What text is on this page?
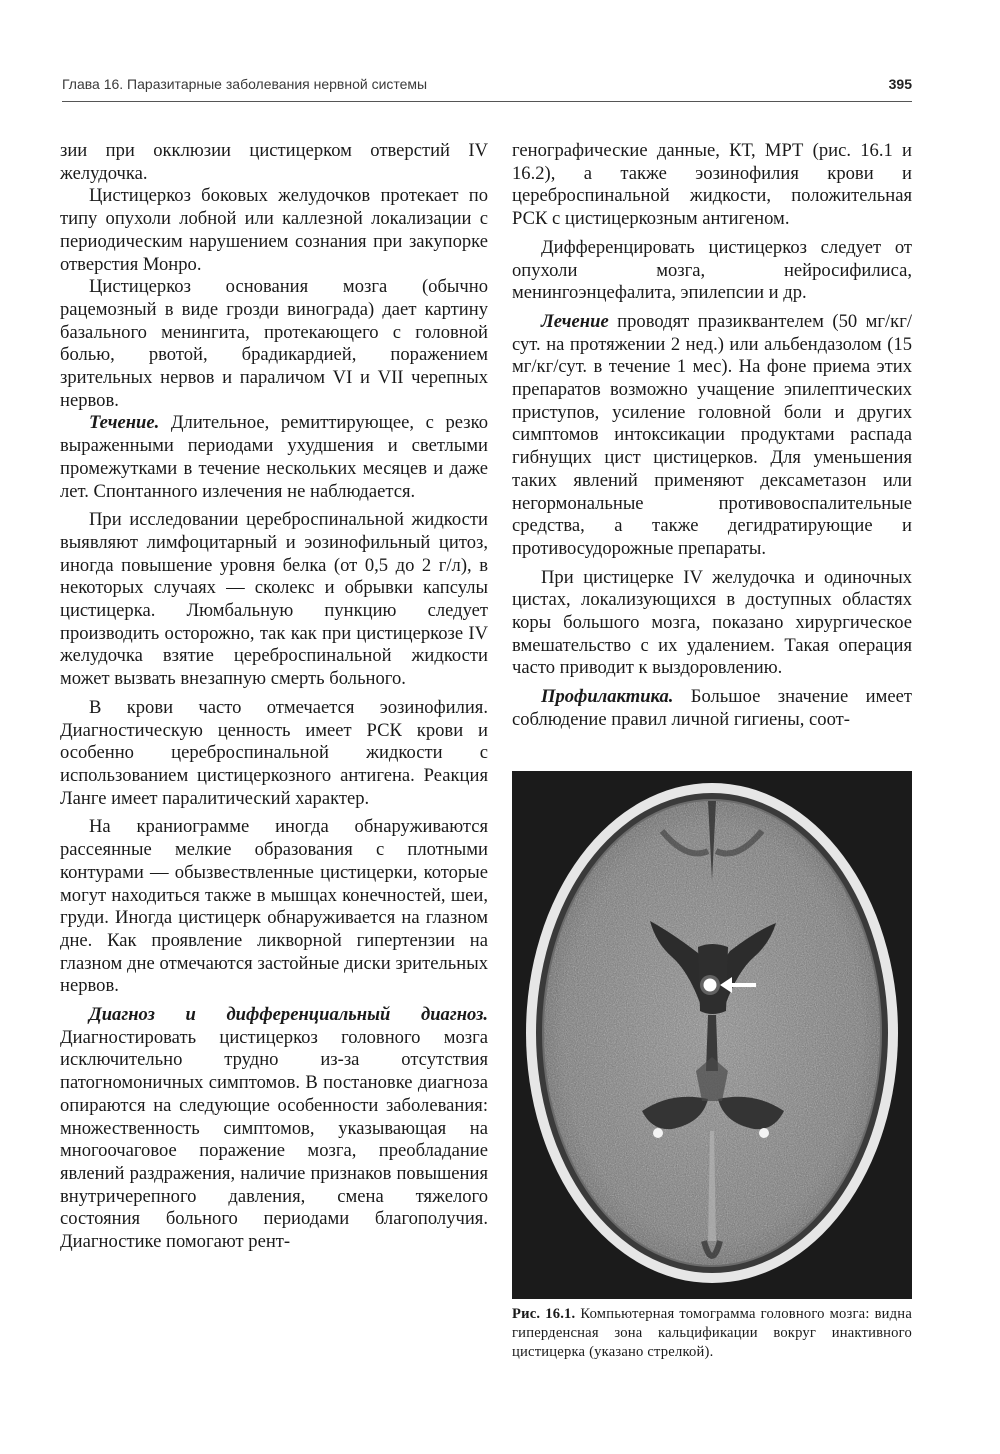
Глава 16. Паразитарные заболевания нервной системы	395

зии при окклюзии цистицерком отверстий IV желудочка.

Цистицеркоз боковых желудочков протекает по типу опухоли лобной или каллезной локализации с периодическим нарушением сознания при закупорке отверстия Монро.

Цистицеркоз основания мозга (обычно рацемозный в виде грозди винограда) дает картину базального менингита, протекающего с головной болью, рвотой, брадикардией, поражением зрительных нервов и параличом VI и VII черепных нервов.

Течение. Длительное, ремиттирующее, с резко выраженными периодами ухудшения и светлыми промежутками в течение нескольких месяцев и даже лет. Спонтанного излечения не наблюдается.

При исследовании цереброспинальной жидкости выявляют лимфоцитарный и эозинофильный цитоз, иногда повышение уровня белка (от 0,5 до 2 г/л), в некоторых случаях — сколекс и обрывки капсулы цистицерка. Люмбальную пункцию следует производить осторожно, так как при цистицеркозе IV желудочка взятие цереброспинальной жидкости может вызвать внезапную смерть больного.

В крови часто отмечается эозинофилия. Диагностическую ценность имеет РСК крови и особенно цереброспинальной жидкости с использованием цистицеркозного антигена. Реакция Ланге имеет паралитический характер.

На краниограмме иногда обнаруживаются рассеянные мелкие образования с плотными контурами — обызвествленные цистицерки, которые могут находиться также в мышцах конечностей, шеи, груди. Иногда цистицерк обнаруживается на глазном дне. Как проявление ликворной гипертензии на глазном дне отмечаются застойные диски зрительных нервов.

Диагноз и дифференциальный диагноз. Диагностировать цистицеркоз головного мозга исключительно трудно из-за отсутствия патогномоничных симптомов. В постановке диагноза опираются на следующие особенности заболевания: множественность симптомов, указывающая на многоочаговое поражение мозга, преобладание явлений раздражения, наличие признаков повышения внутричерепного давления, смена тяжелого состояния больного периодами благополучия. Диагностике помогают рент-

генографические данные, КТ, МРТ (рис. 16.1 и 16.2), а также эозинофилия крови и цереброспинальной жидкости, положительная РСК с цистицеркозным антигеном.

Дифференцировать цистицеркоз следует от опухоли мозга, нейросифилиса, менингоэнцефалита, эпилепсии и др.

Лечение проводят празиквантелем (50 мг/кг/сут. на протяжении 2 нед.) или альбендазолом (15 мг/кг/сут. в течение 1 мес). На фоне приема этих препаратов возможно учащение эпилептических приступов, усиление головной боли и других симптомов интоксикации продуктами распада гибнущих цист цистицерков. Для уменьшения таких явлений применяют дексаметазон или негормональные противовоспалительные средства, а также дегидратирующие и противосудорожные препараты.

При цистицерке IV желудочка и одиночных цистах, локализующихся в доступных областях коры большого мозга, показано хирургическое вмешательство с их удалением. Такая операция часто приводит к выздоровлению.

Профилактика. Большое значение имеет соблюдение правил личной гигиены, соот-

Рис. 16.1. Компьютерная томограмма головного мозга: видна гиперденсная зона кальцификации вокруг инактивного цистицерка (указано стрелкой).
